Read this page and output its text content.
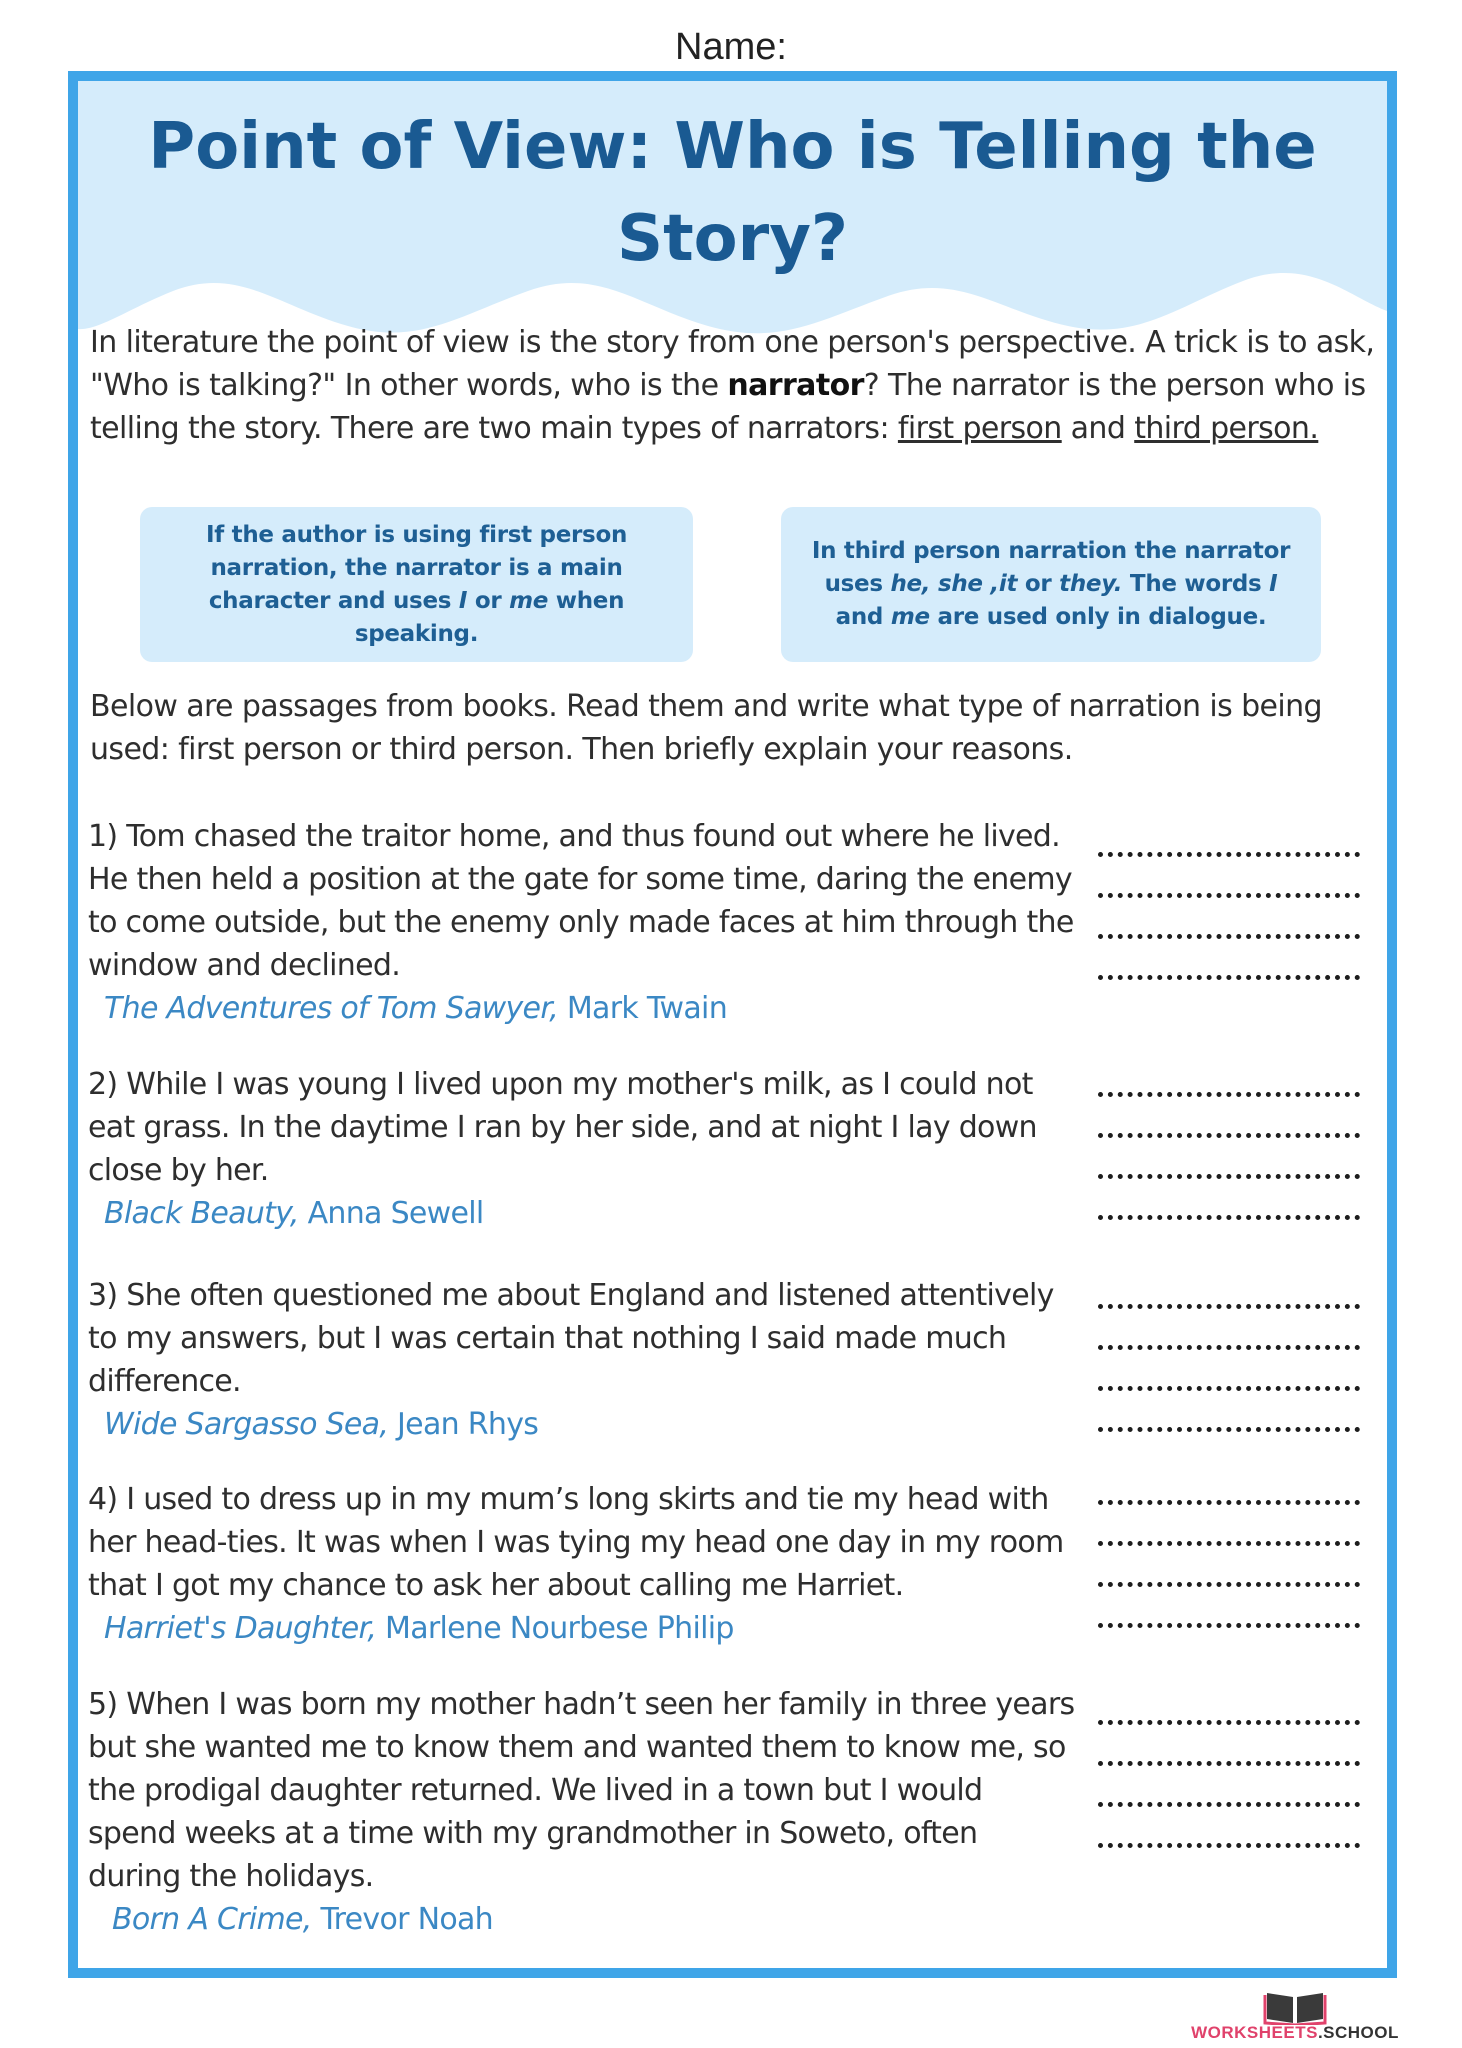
Name:
Point of View: Who is Telling the
Story?
In literature the point of view is the story from one person's perspective. A trick is to ask, "Who is talking?" In other words, who is the narrator? The narrator is the person who is telling the story. There are two main types of narrators: first person and third person.
If the author is using first person narration, the narrator is a main character and uses I or me when speaking.
In third person narration the narrator uses he, she ,it or they. The words I and me are used only in dialogue.
Below are passages from books. Read them and write what type of narration is being used: first person or third person. Then briefly explain your reasons.
1) Tom chased the traitor home, and thus found out where he lived. He then held a position at the gate for some time, daring the enemy to come outside, but the enemy only made faces at him through the window and declined.
The Adventures of Tom Sawyer, Mark Twain
2) While I was young I lived upon my mother's milk, as I could not eat grass. In the daytime I ran by her side, and at night I lay down close by her.
Black Beauty, Anna Sewell
3) She often questioned me about England and listened attentively to my answers, but I was certain that nothing I said made much difference.
Wide Sargasso Sea, Jean Rhys
4) I used to dress up in my mum’s long skirts and tie my head with her head-ties. It was when I was tying my head one day in my room that I got my chance to ask her about calling me Harriet.
Harriet's Daughter, Marlene Nourbese Philip
5) When I was born my mother hadn’t seen her family in three years but she wanted me to know them and wanted them to know me, so the prodigal daughter returned. We lived in a town but I would spend weeks at a time with my grandmother in Soweto, often during the holidays.
Born A Crime, Trevor Noah
WORKSHEETS.SCHOOL
